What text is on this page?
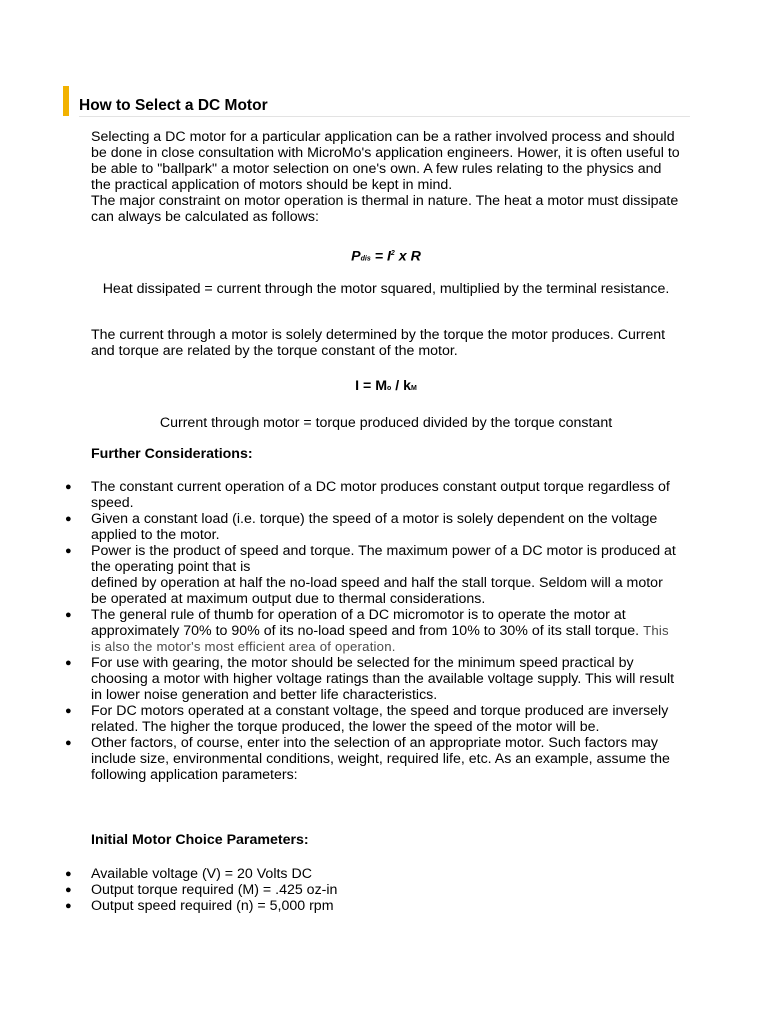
How to Select a DC Motor

Selecting a DC motor for a particular application can be a rather involved process and should be done in close consultation with MicroMo's application engineers. Hower, it is often useful to be able to "ballpark" a motor selection on one's own. A few rules relating to the physics and the practical application of motors should be kept in mind.

The major constraint on motor operation is thermal in nature. The heat a motor must dissipate can always be calculated as follows:

Pdis = $I^2$ x R
Heat dissipated = current through the motor squared, multiplied by the terminal resistance.
The current through a motor is solely determined by the torque the motor produces. Current and torque are related by the torque constant of the motor.
I = Mo / kM
Current through motor = torque produced divided by the torque constant
Further Considerations:
● The constant current operation of a DC motor produces constant output torque regardless of speed.
● Given a constant load (i.e. torque) the speed of a motor is solely dependent on the voltage applied to the motor.
● Power is the product of speed and torque. The maximum power of a DC motor is produced at the operating point that is
defined by operation at half the no-load speed and half the stall torque. Seldom will a motor be operated at maximum output due to thermal considerations.
● The general rule of thumb for operation of a DC micromotor is to operate the motor at approximately 70% to 90% of its no-load speed and from 10% to 30% of its stall torque. This is also the motor's most efficient area of operation.
● For use with gearing, the motor should be selected for the minimum speed practical by choosing a motor with higher voltage ratings than the available voltage supply. This will result in lower noise generation and better life characteristics.
● For DC motors operated at a constant voltage, the speed and torque produced are inversely related. The higher the torque produced, the lower the speed of the motor will be.
● Other factors, of course, enter into the selection of an appropriate motor. Such factors may include size, environmental conditions, weight, required life, etc. As an example, assume the following application parameters:
Initial Motor Choice Parameters:
● Available voltage (V) = 20 Volts DC
● Output torque required (M) = .425 oz-in
● Output speed required (n) = 5,000 rpm
